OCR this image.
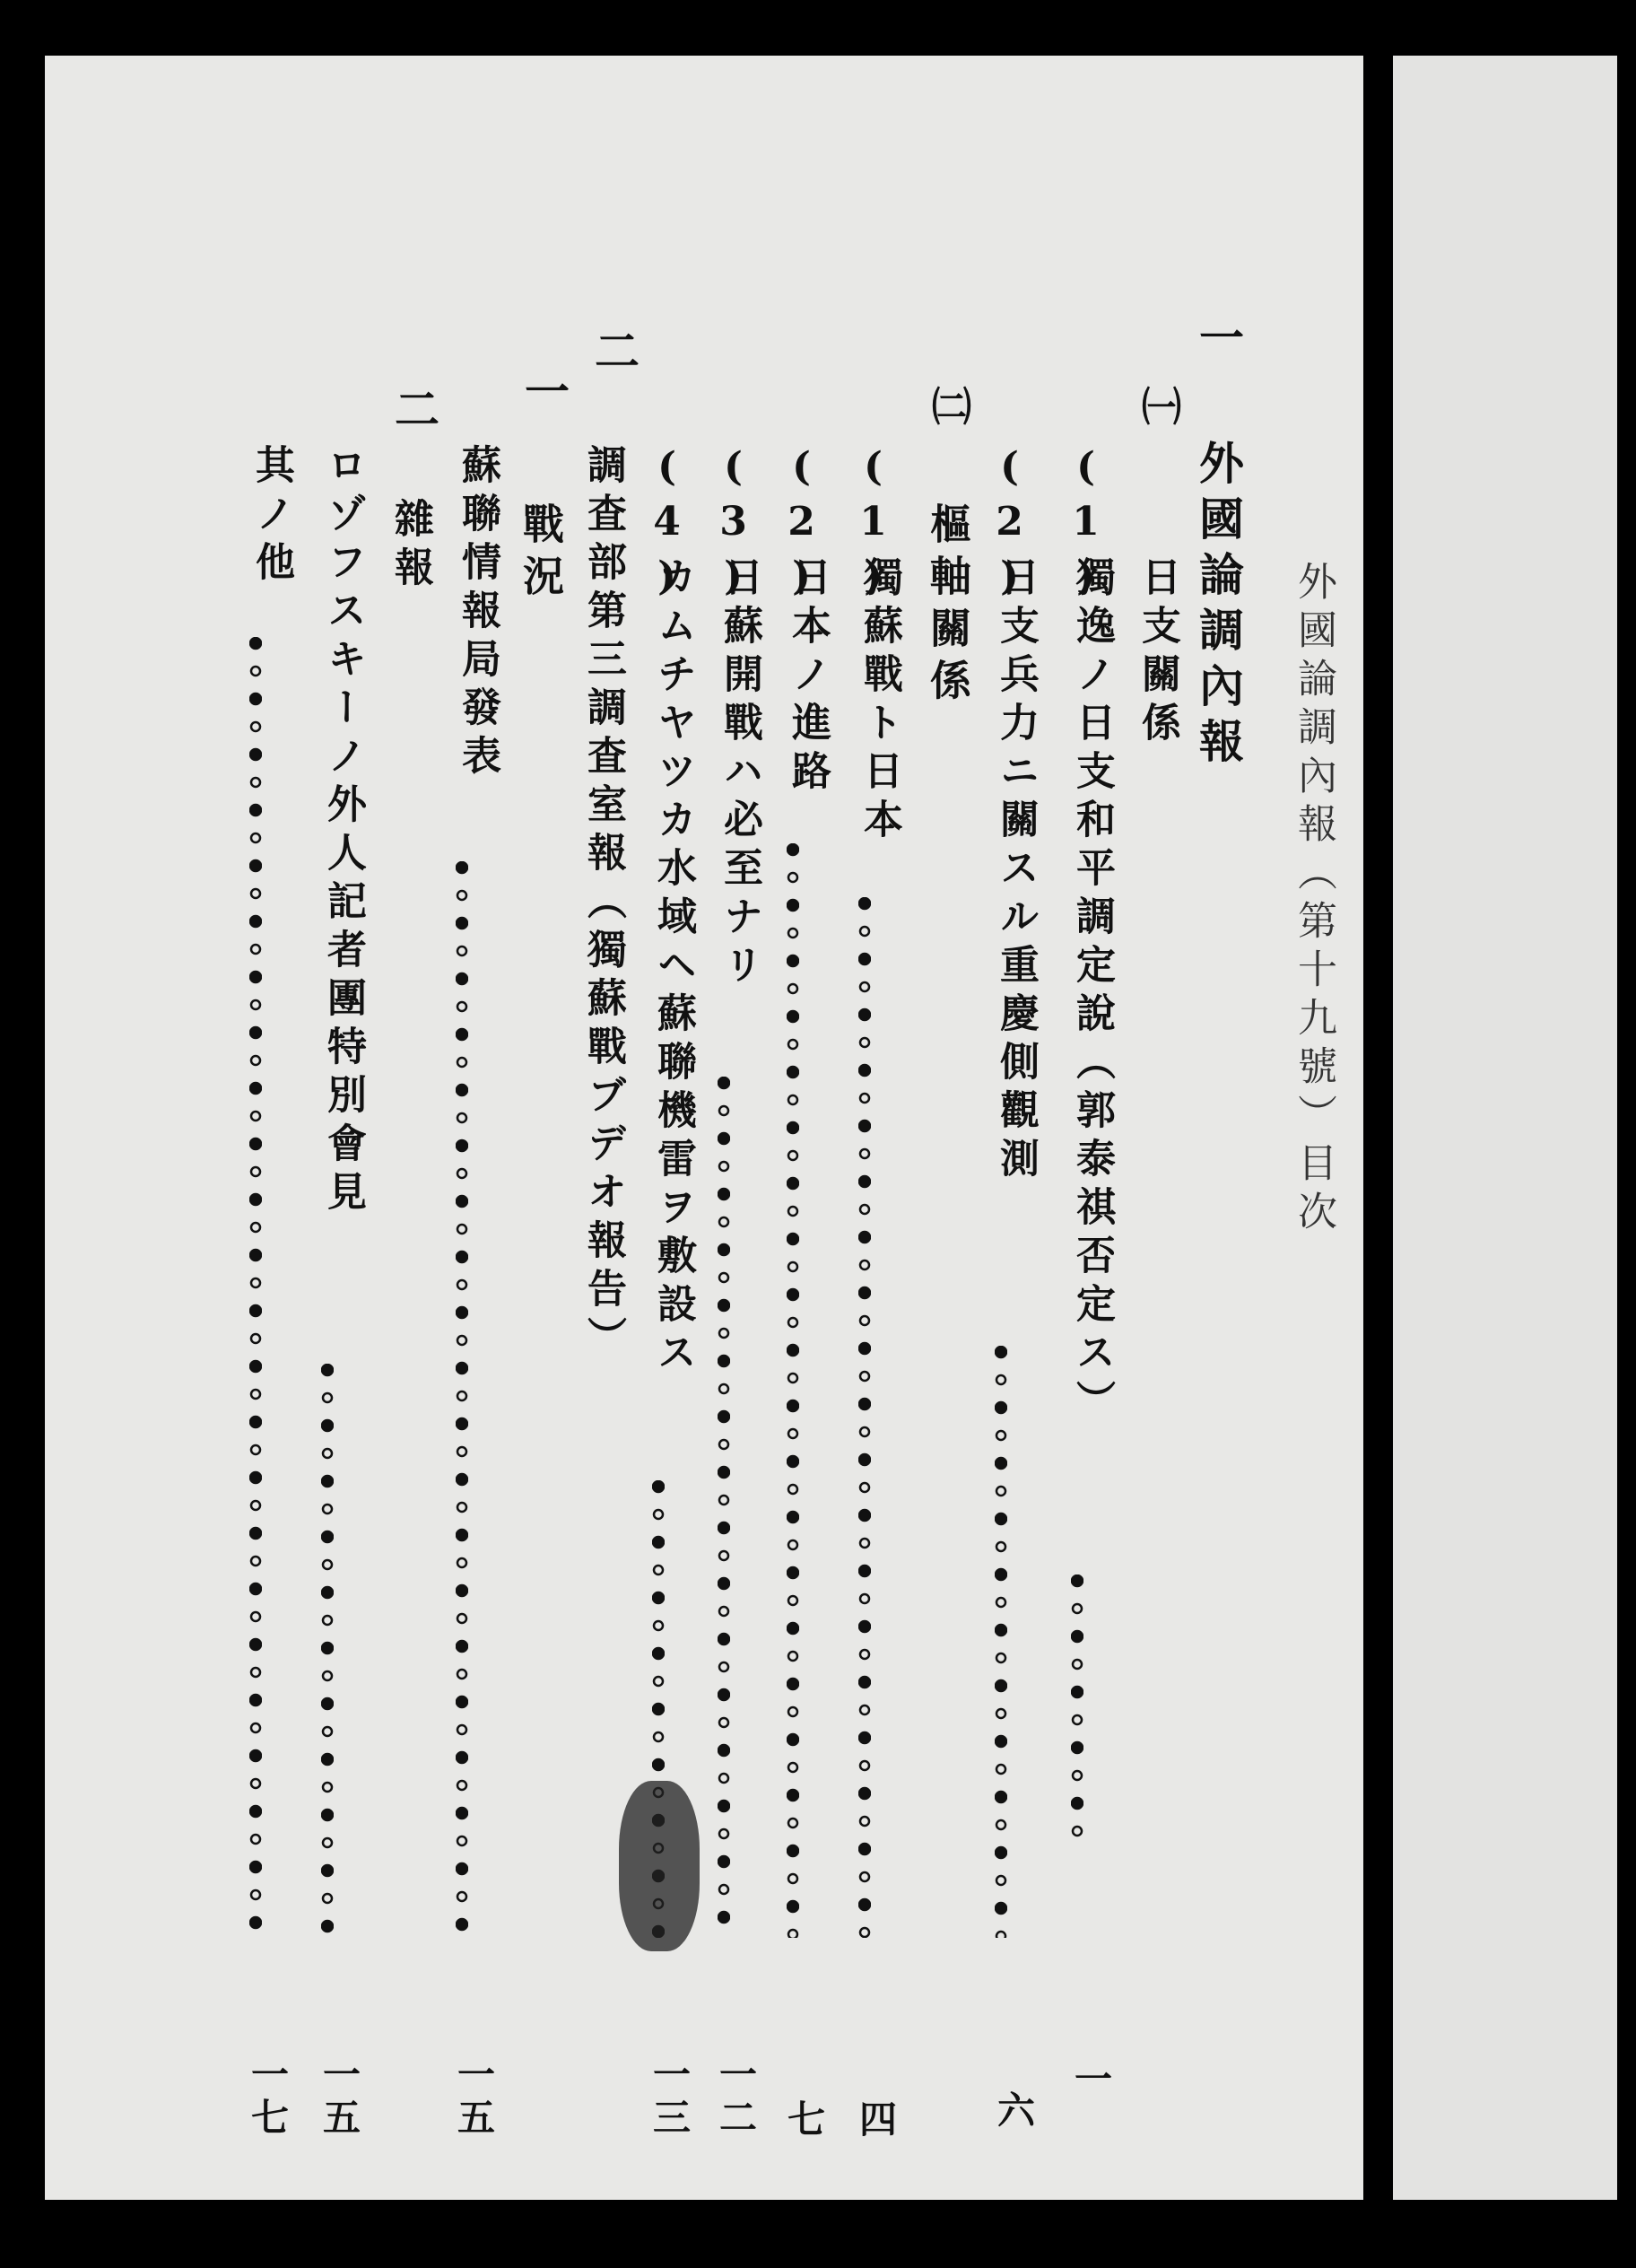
外國論調內報（第十九號）目次
一
外國論調內報
㈠
日支關係
(1)
獨逸ノ日支和平調定說（郭泰祺否定ス）
(2)
日支兵力ニ關スル重慶側觀測
㈡
樞軸關係
(1)
獨蘇戰ト日本
(2)
日本ノ進路
(3)
日蘇開戰ハ必至ナリ
(4)
カムチヤツカ水域ヘ蘇聯機雷ヲ敷設ス
調査部第三調査室報（獨蘇戰ブデオ報告）
二
一
戰況
蘇聯情報局發表
二
雜報
ロゾフスキーノ外人記者團特別會見
其ノ他
一
六
四
七
一二
一三
一五
一五
一七
